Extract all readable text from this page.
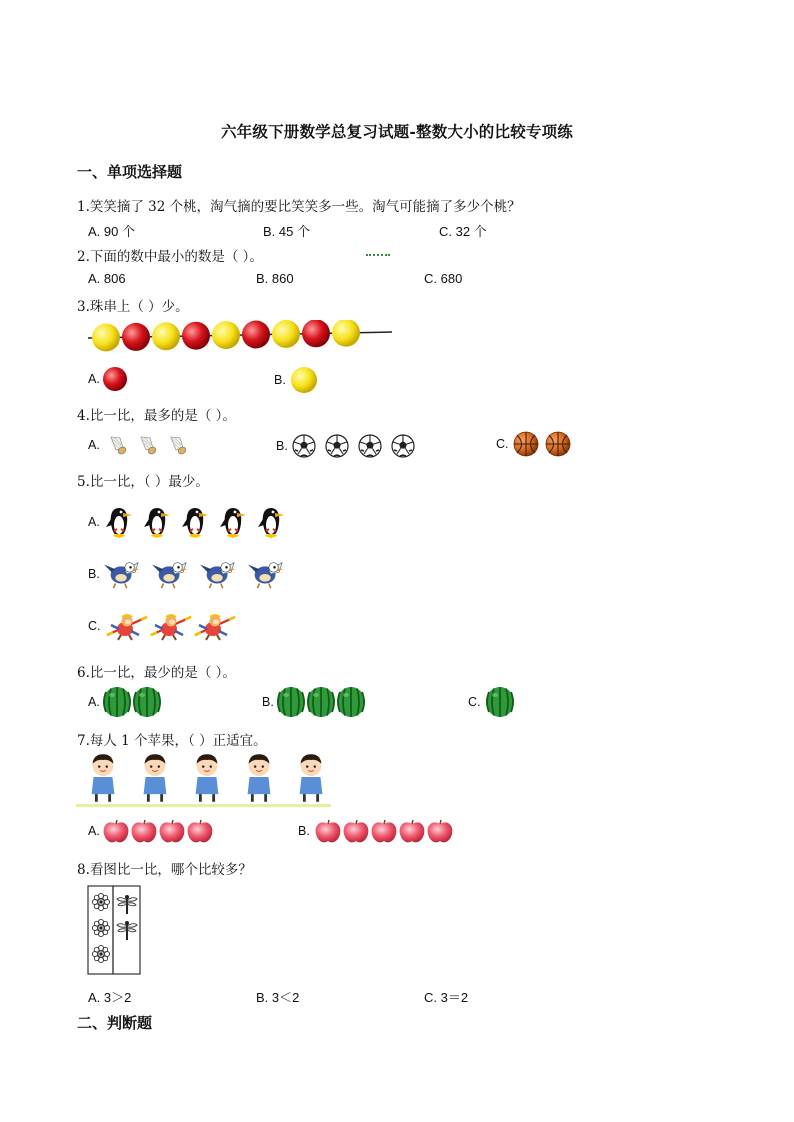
六年级下册数学总复习试题-整数大小的比较专项练
一、单项选择题
1.笑笑摘了 32 个桃，淘气摘的要比笑笑多一些。淘气可能摘了多少个桃？
A. 90 个	B. 45 个	C. 32 个
2.下面的数中最小的数是（ ）。
A. 806	B. 860	C. 680
3.珠串上（ ）少。
A.	B.
4.比一比，最多的是（ ）。
A.	B.	C.
5.比一比，（ ）最少。
A.
B.
C.
6.比一比，最少的是（ ）。
A.	B.	C.
7.每人 1 个苹果，（ ）正适宜。
A.	B.
8.看图比一比，哪个比较多？
A. 3＞2	B. 3＜2	C. 3＝2
二、判断题
